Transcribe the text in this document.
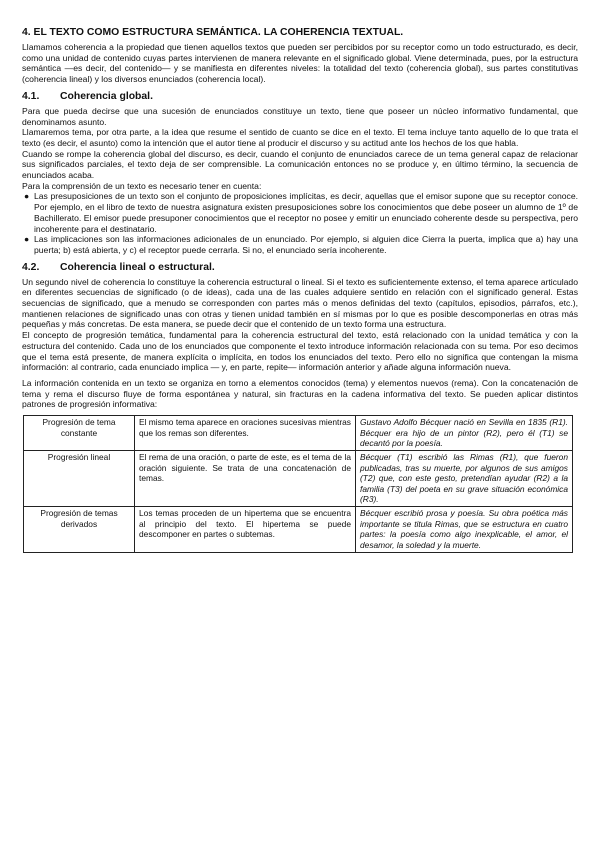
4. EL TEXTO COMO ESTRUCTURA SEMÁNTICA. LA COHERENCIA TEXTUAL.

Llamamos coherencia a la propiedad que tienen aquellos textos que pueden ser percibidos por su receptor como un todo estructurado, es decir, como una unidad de contenido cuyas partes intervienen de manera relevante en el significado global. Viene determinada, pues, por la estructura semántica —es decir, del contenido— y se manifiesta en diferentes niveles: la totalidad del texto (coherencia global), sus partes constitutivas (coherencia lineal) y los diversos enunciados (coherencia local).

4.1. Coherencia global.

Para que pueda decirse que una sucesión de enunciados constituye un texto, tiene que poseer un núcleo informativo fundamental, que denominamos asunto.

Llamaremos tema, por otra parte, a la idea que resume el sentido de cuanto se dice en el texto. El tema incluye tanto aquello de lo que trata el texto (es decir, el asunto) como la intención que el autor tiene al producir el discurso y su actitud ante los hechos de los que habla.

Cuando se rompe la coherencia global del discurso, es decir, cuando el conjunto de enunciados carece de un tema general capaz de relacionar sus significados parciales, el texto deja de ser comprensible. La comunicación entonces no se produce y, en último término, la secuencia de enunciados acaba.

Para la comprensión de un texto es necesario tener en cuenta:

● Las presuposiciones de un texto son el conjunto de proposiciones implícitas, es decir, aquellas que el emisor supone que su receptor conoce. Por ejemplo, en el libro de texto de nuestra asignatura existen presuposiciones sobre los conocimientos que debe poseer un alumno de 1º de Bachillerato. El emisor puede presuponer conocimientos que el receptor no posee y emitir un enunciado coherente desde su perspectiva, pero incoherente para el destinatario.
● Las implicaciones son las informaciones adicionales de un enunciado. Por ejemplo, si alguien dice Cierra la puerta, implica que a) hay una puerta; b) está abierta, y c) el receptor puede cerrarla. Si no, el enunciado sería incoherente.
4.2. Coherencia lineal o estructural.

Un segundo nivel de coherencia lo constituye la coherencia estructural o lineal. Si el texto es suficientemente extenso, el tema aparece articulado en diferentes secuencias de significado (o de ideas), cada una de las cuales adquiere sentido en relación con el significado general. Estas secuencias de significado, que a menudo se corresponden con partes más o menos definidas del texto (capítulos, episodios, párrafos, etc.), mantienen relaciones de significado unas con otras y tienen unidad también en sí mismas por lo que es posible descomponerlas en otras más pequeñas y más concretas. De esta manera, se puede decir que el contenido de un texto forma una estructura.

El concepto de progresión temática, fundamental para la coherencia estructural del texto, está relacionado con la unidad temática y con la estructura del contenido. Cada uno de los enunciados que componente el texto introduce información relacionada con su tema. Por eso decimos que el tema está presente, de manera explícita o implícita, en todos los enunciados del texto. Pero ello no significa que contengan la misma información: al contrario, cada enunciado implica — y, en parte, repite— información anterior y añade alguna información nueva.

La información contenida en un texto se organiza en torno a elementos conocidos (tema) y elementos nuevos (rema). Con la concatenación de tema y rema el discurso fluye de forma espontánea y natural, sin fracturas en la cadena informativa del texto. Se pueden aplicar distintos patrones de progresión informativa:

Progresión de tema constante	El mismo tema aparece en oraciones sucesivas mientras que los remas son diferentes.	Gustavo Adolfo Bécquer nació en Sevilla en 1835 (R1). Bécquer era hijo de un pintor (R2), pero él (T1) se decantó por la poesía.
Progresión lineal	El rema de una oración, o parte de este, es el tema de la oración siguiente. Se trata de una concatenación de temas.	Bécquer (T1) escribió las Rimas (R1), que fueron publicadas, tras su muerte, por algunos de sus amigos (T2) que, con este gesto, pretendían ayudar (R2) a la familia (T3) del poeta en su grave situación económica (R3).
Progresión de temas derivados	Los temas proceden de un hipertema que se encuentra al principio del texto. El hipertema se puede descomponer en partes o subtemas.	Bécquer escribió prosa y poesía. Su obra poética más importante se titula Rimas, que se estructura en cuatro partes: la poesía como algo inexplicable, el amor, el desamor, la soledad y la muerte.
